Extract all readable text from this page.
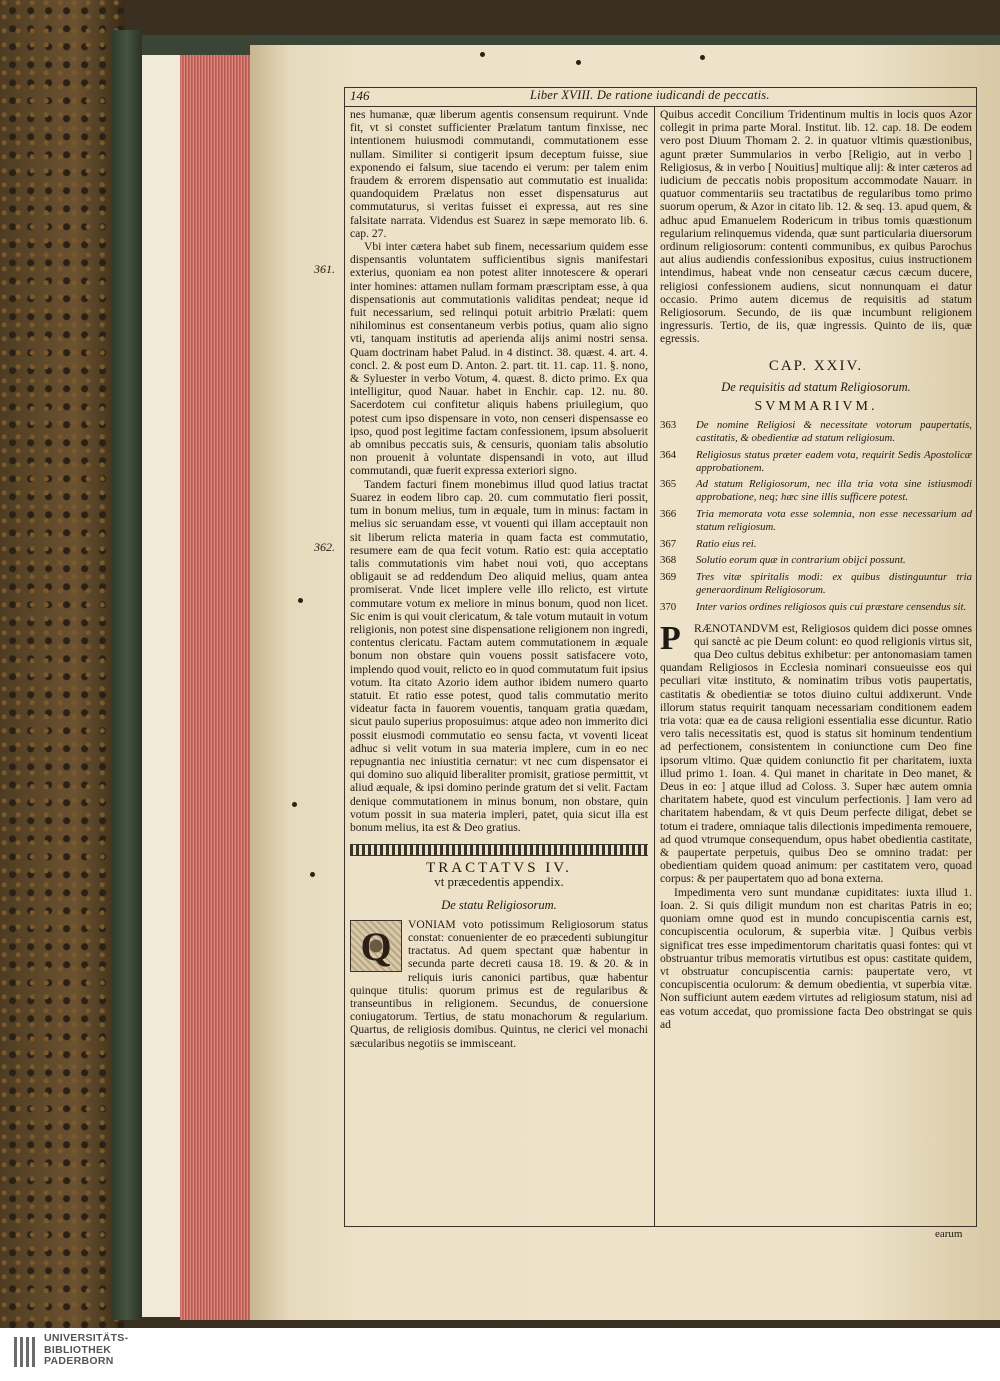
146	Liber XVIII. De ratione iudicandi de peccatis.
361.
362.

nes humanæ, quæ liberum agentis consensum requirunt. Vnde fit, vt si constet sufficienter Prælatum tantum finxisse, nec intentionem huiusmodi commutandi, commutationem esse nullam. Similiter si contigerit ipsum deceptum fuisse, siue exponendo ei falsum, siue tacendo ei verum: per talem enim fraudem & errorem dispensatio aut commutatio est inualida: quandoquidem Prælatus non esset dispensaturus aut commutaturus, si veritas fuisset ei expressa, aut res sine falsitate narrata. Videndus est Suarez in sæpe memorato lib. 6. cap. 27.

Vbi inter cætera habet sub finem, necessarium quidem esse dispensantis voluntatem sufficientibus signis manifestari exterius, quoniam ea non potest aliter innotescere & operari inter homines: attamen nullam formam præscriptam esse, à qua dispensationis aut commutationis validitas pendeat; neque id fuit necessarium, sed relinqui potuit arbitrio Prælati: quem nihilominus est consentaneum verbis potius, quam alio signo vti, tanquam institutis ad aperienda alijs animi nostri sensa. Quam doctrinam habet Palud. in 4 distinct. 38. quæst. 4. art. 4. concl. 2. & post eum D. Anton. 2. part. tit. 11. cap. 11. §. nono, & Syluester in verbo Votum, 4. quæst. 8. dicto primo. Ex qua intelligitur, quod Nauar. habet in Enchir. cap. 12. nu. 80. Sacerdotem cui confitetur aliquis habens priuilegium, quo potest cum ipso dispensare in voto, non censeri dispensasse eo ipso, quod post legitime factam confessionem, ipsum absoluerit ab omnibus peccatis suis, & censuris, quoniam talis absolutio non prouenit à voluntate dispensandi in voto, aut illud commutandi, quæ fuerit expressa exteriori signo.

Tandem facturi finem monebimus illud quod latius tractat Suarez in eodem libro cap. 20. cum commutatio fieri possit, tum in bonum melius, tum in æquale, tum in minus: factam in melius sic seruandam esse, vt vouenti qui illam acceptauit non sit liberum relicta materia in quam facta est commutatio, resumere eam de qua fecit votum. Ratio est: quia acceptatio talis commutationis vim habet noui voti, quo acceptans obligauit se ad reddendum Deo aliquid melius, quam antea promiserat. Vnde licet implere velle illo relicto, est virtute commutare votum ex meliore in minus bonum, quod non licet. Sic enim is qui vouit clericatum, & tale votum mutauit in votum religionis, non potest sine dispensatione religionem non ingredi, contentus clericatu. Factam autem commutationem in æquale bonum non obstare quin vouens possit satisfacere voto, implendo quod vouit, relicto eo in quod commutatum fuit ipsius votum. Ita citato Azorio idem author ibidem numero quarto statuit. Et ratio esse potest, quod talis commutatio merito videatur facta in fauorem vouentis, tanquam gratia quædam, sicut paulo superius proposuimus: atque adeo non immerito dici possit eiusmodi commutatio eo sensu facta, vt voventi liceat adhuc si velit votum in sua materia implere, cum in eo nec repugnantia nec iniustitia cernatur: vt nec cum dispensator ei qui domino suo aliquid liberaliter promisit, gratiose permittit, vt aliud æquale, & ipsi domino perinde gratum det si velit. Factam denique commutationem in minus bonum, non obstare, quin votum possit in sua materia impleri, patet, quia sicut illa est bonum melius, ita est & Deo gratius.

TRACTATVS IV.
vt præcedentis appendix.
De statu Religiosorum.

Q	VONIAM voto potissimum Religiosorum status constat: conuenienter de eo præcedenti subiungitur tractatus. Ad quem spectant quæ habentur in secunda parte decreti causa 18. 19. & 20. & in reliquis iuris canonici partibus, quæ habentur quinque titulis: quorum primus est de regularibus & transeuntibus in religionem. Secundus, de conuersione coniugatorum. Tertius, de statu monachorum & regularium. Quartus, de religiosis domibus. Quintus, ne clerici vel monachi sæcularibus negotiis se immisceant.

Quibus accedit Concilium Tridentinum multis in locis quos Azor collegit in prima parte Moral. Institut. lib. 12. cap. 18. De eodem vero post Diuum Thomam 2. 2. in quatuor vltimis quæstionibus, agunt præter Summularios in verbo [Religio, aut in verbo ] Religiosus, & in verbo [ Nouitius] multique alij: & inter cæteros ad iudicium de peccatis nobis propositum accommodate Nauarr. in quatuor commentariis seu tractatibus de regularibus tomo primo suorum operum, & Azor in citato lib. 12. & seq. 13. apud quem, & adhuc apud Emanuelem Rodericum in tribus tomis quæstionum regularium relinquemus videnda, quæ sunt particularia diuersorum ordinum religiosorum: contenti communibus, ex quibus Parochus aut alius audiendis confessionibus expositus, cuius instructionem intendimus, habeat vnde non censeatur cæcus cæcum ducere, religiosi confessionem audiens, sicut nonnunquam ei datur occasio. Primo autem dicemus de requisitis ad statum Religiosorum. Secundo, de iis quæ incumbunt religionem ingressuris. Tertio, de iis, quæ ingressis. Quinto de iis, quæ egressis.

CAP. XXIV.
De requisitis ad statum Religiosorum.
SVMMARIVM.
363	De nomine Religiosi & necessitate votorum paupertatis, castitatis, & obedientiæ ad statum religiosum.
364	Religiosus status præter eadem vota, requirit Sedis Apostolicæ approbationem.
365	Ad statum Religiosorum, nec illa tria vota sine istiusmodi approbatione, neq; hæc sine illis sufficere potest.
366	Tria memorata vota esse solemnia, non esse necessarium ad statum religiosum.
367	Ratio eius rei.
368	Solutio eorum quæ in contrarium obijci possunt.
369	Tres vitæ spiritalis modi: ex quibus distinguuntur tria generaordinum Religiosorum.
370	Inter varios ordines religiosos quis cui præstare censendus sit.

P	RÆNOTANDVM est, Religiosos quidem dici posse omnes qui sanctè ac pie Deum colunt: eo quod religionis virtus sit, qua Deo cultus debitus exhibetur: per antonomasiam tamen quandam Religiosos in Ecclesia nominari consueuisse eos qui peculiari vitæ instituto, & nominatim tribus votis paupertatis, castitatis & obedientiæ se totos diuino cultui addixerunt. Vnde illorum status requirit tanquam necessariam conditionem eadem tria vota: quæ ea de causa religioni essentialia esse dicuntur. Ratio vero talis necessitatis est, quod is status sit hominum tendentium ad perfectionem, consistentem in coniunctione cum Deo fine ipsorum vltimo. Quæ quidem coniunctio fit per charitatem, iuxta illud primo 1. Ioan. 4. Qui manet in charitate in Deo manet, & Deus in eo: ] atque illud ad Coloss. 3. Super hæc autem omnia charitatem habete, quod est vinculum perfectionis. ] Iam vero ad charitatem habendam, & vt quis Deum perfecte diligat, debet se totum ei tradere, omniaque talis dilectionis impedimenta remouere, ad quod vtrumque consequendum, opus habet obedientia castitate, & paupertate perpetuis, quibus Deo se omnino tradat: per obedientiam quidem quoad animum: per castitatem vero, quoad corpus: & per paupertatem quo ad bona externa.

Impedimenta vero sunt mundanæ cupiditates: iuxta illud 1. Ioan. 2. Si quis diligit mundum non est charitas Patris in eo; quoniam omne quod est in mundo concupiscentia carnis est, concupiscentia oculorum, & superbia vitæ. ] Quibus verbis significat tres esse impedimentorum charitatis quasi fontes: qui vt obstruantur tribus memoratis virtutibus est opus: castitate quidem, vt obstruatur concupiscentia carnis: paupertate vero, vt concupiscentia oculorum: & demum obedientia, vt superbia vitæ. Non sufficiunt autem eædem virtutes ad religiosum statum, nisi ad eas votum accedat, quo promissione facta Deo obstringat se quis ad

earum
UNIVERSITÄTS-
BIBLIOTHEK
PADERBORN
